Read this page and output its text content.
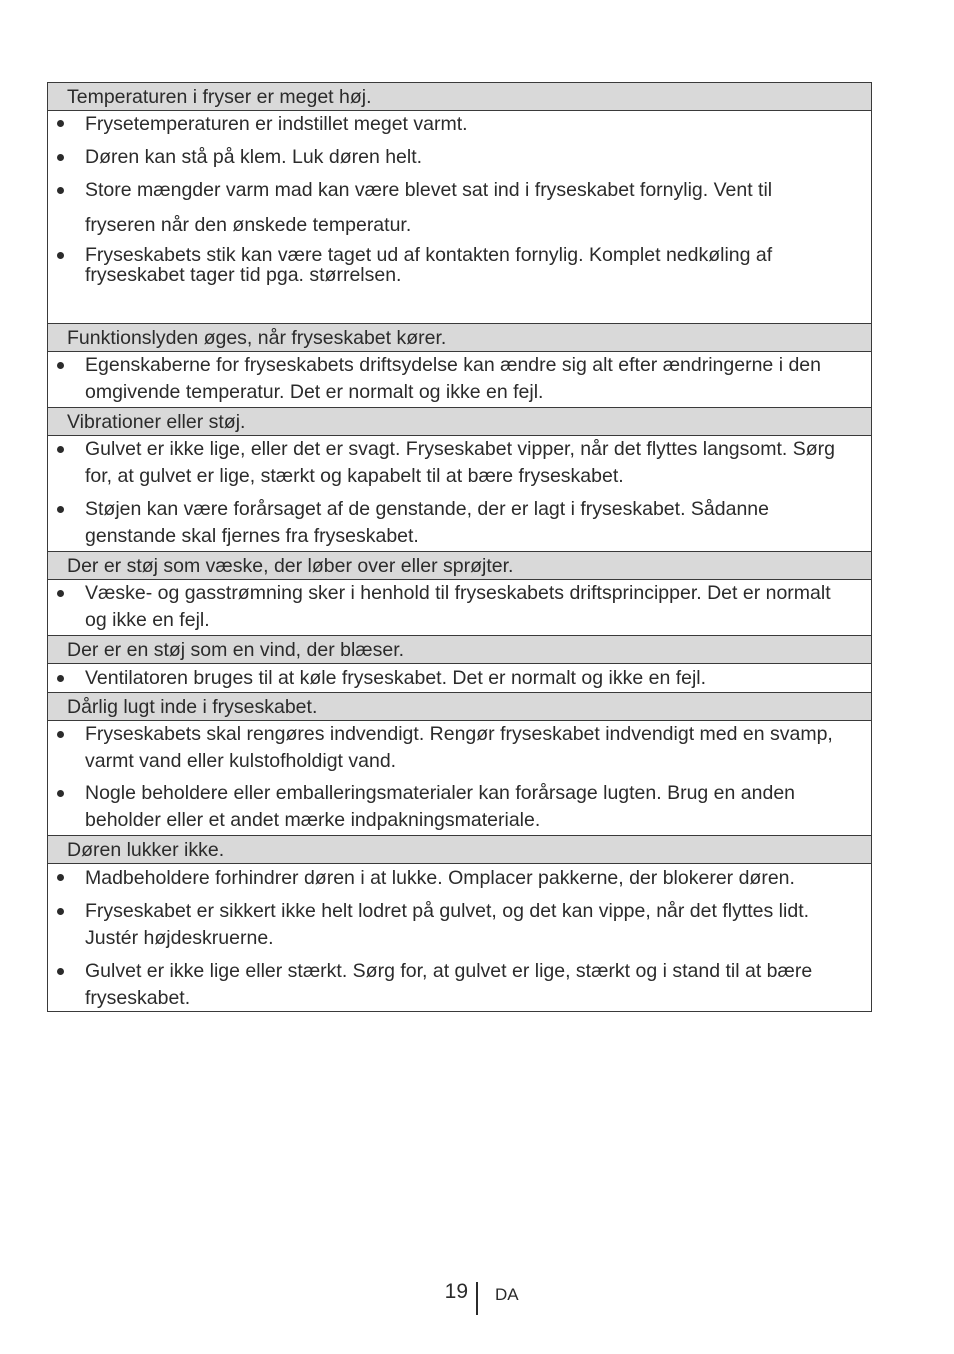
Temperaturen i fryser er meget høj.
Frysetemperaturen er indstillet meget varmt.
Døren kan stå på klem. Luk døren helt.
Store mængder varm mad kan være blevet sat ind i fryseskabet fornylig. Vent til
fryseren når den ønskede temperatur.
Fryseskabets stik kan være taget ud af kontakten fornylig. Komplet nedkøling af
fryseskabet tager tid pga. størrelsen.
Funktionslyden øges, når fryseskabet kører.
Egenskaberne for fryseskabets driftsydelse kan ændre sig alt efter ændringerne i den
omgivende temperatur. Det er normalt og ikke en fejl.
Vibrationer eller støj.
Gulvet er ikke lige, eller det er svagt. Fryseskabet vipper, når det flyttes langsomt. Sørg
for, at gulvet er lige, stærkt og kapabelt til at bære fryseskabet.
Støjen kan være forårsaget af de genstande, der er lagt i fryseskabet. Sådanne
genstande skal fjernes fra fryseskabet.
Der er støj som væske, der løber over eller sprøjter.
Væske- og gasstrømning sker i henhold til fryseskabets driftsprincipper. Det er normalt
og ikke en fejl.
Der er en støj som en vind, der blæser.
Ventilatoren bruges til at køle fryseskabet. Det er normalt og ikke en fejl.
Dårlig lugt inde i fryseskabet.
Fryseskabets skal rengøres indvendigt. Rengør fryseskabet indvendigt med en svamp,
varmt vand eller kulstofholdigt vand.
Nogle beholdere eller emballeringsmaterialer kan forårsage lugten. Brug en anden
beholder eller et andet mærke indpakningsmateriale.
Døren lukker ikke.
Madbeholdere forhindrer døren i at lukke. Omplacer pakkerne, der blokerer døren.
Fryseskabet er sikkert ikke helt lodret på gulvet, og det kan vippe, når det flyttes lidt.
Justér højdeskruerne.
Gulvet er ikke lige eller stærkt. Sørg for, at gulvet er lige, stærkt og i stand til at bære
fryseskabet.
19 DA
